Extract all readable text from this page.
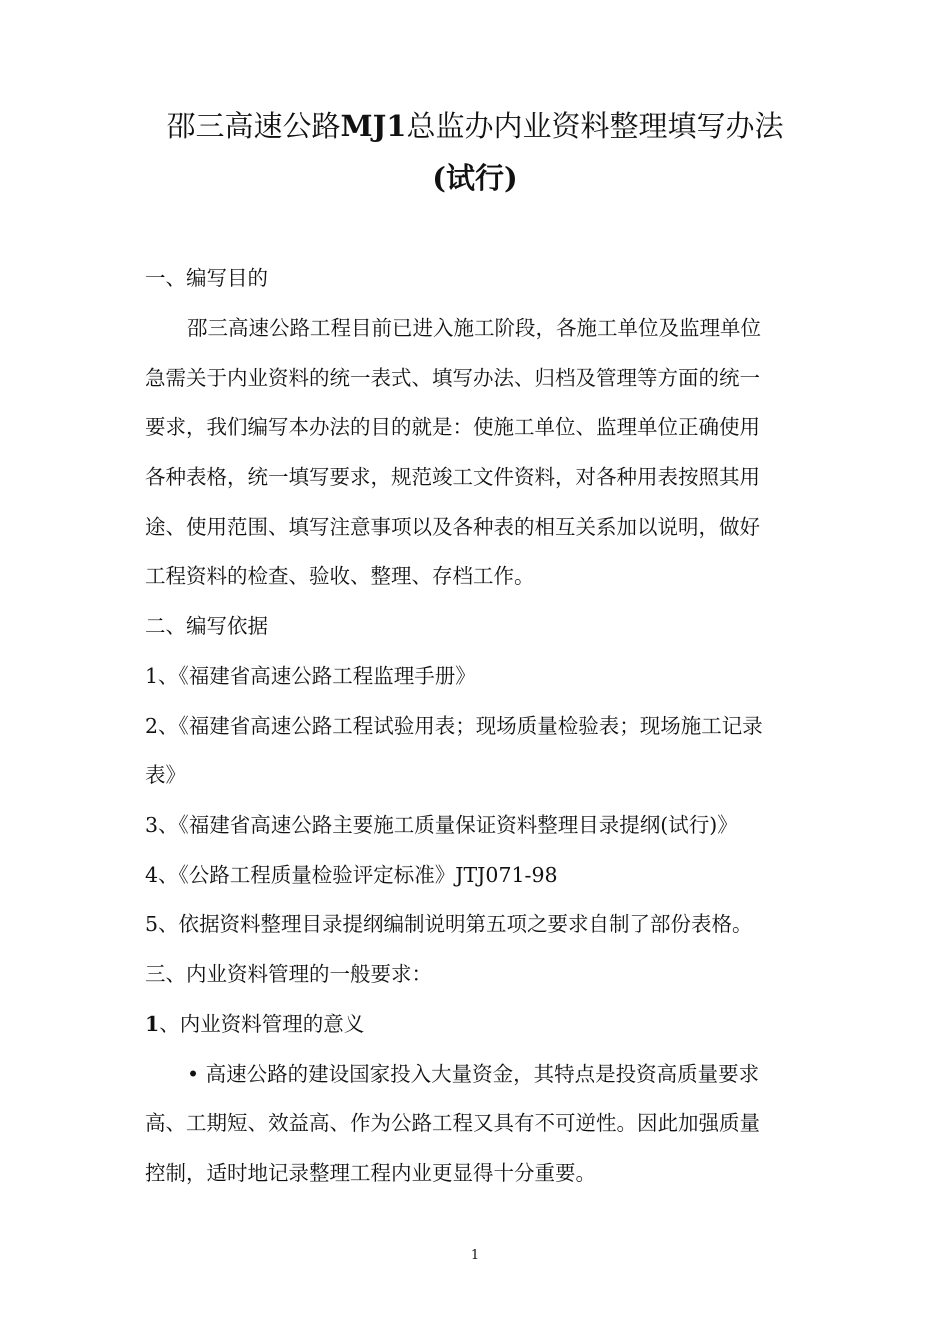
邵三高速公路MJ1总监办内业资料整理填写办法
(试行)
一、编写目的
邵三高速公路工程目前已进入施工阶段，各施工单位及监理单位
急需关于内业资料的统一表式、填写办法、归档及管理等方面的统一
要求，我们编写本办法的目的就是：使施工单位、监理单位正确使用
各种表格，统一填写要求，规范竣工文件资料，对各种用表按照其用
途、使用范围、填写注意事项以及各种表的相互关系加以说明，做好
工程资料的检查、验收、整理、存档工作。
二、编写依据
1、《福建省高速公路工程监理手册》
2、《福建省高速公路工程试验用表；现场质量检验表；现场施工记录
表》
3、《福建省高速公路主要施工质量保证资料整理目录提纲(试行)》
4、《公路工程质量检验评定标准》JTJ071-98
5、依据资料整理目录提纲编制说明第五项之要求自制了部份表格。
三、内业资料管理的一般要求：
1、内业资料管理的意义
• 高速公路的建设国家投入大量资金，其特点是投资高质量要求
高、工期短、效益高、作为公路工程又具有不可逆性。因此加强质量
控制，适时地记录整理工程内业更显得十分重要。
1
